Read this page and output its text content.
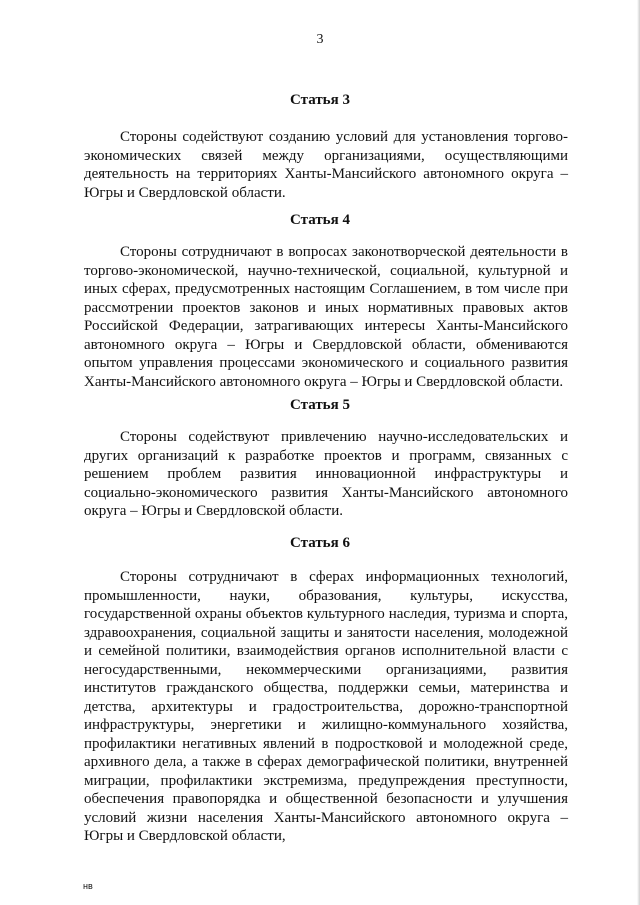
3
Статья 3

Стороны содействуют созданию условий для установления торгово-экономических связей между организациями, осуществляющими деятельность на территориях Ханты-Мансийского автономного округа – Югры и Свердловской области.

Статья 4

Стороны сотрудничают в вопросах законотворческой деятельности в торгово-экономической, научно-технической, социальной, культурной и иных сферах, предусмотренных настоящим Соглашением, в том числе при рассмотрении проектов законов и иных нормативных правовых актов Российской Федерации, затрагивающих интересы Ханты-Мансийского автономного округа – Югры и Свердловской области, обмениваются опытом управления процессами экономического и социального развития Ханты-Мансийского автономного округа – Югры и Свердловской области.

Статья 5

Стороны содействуют привлечению научно-исследовательских и других организаций к разработке проектов и программ, связанных с решением проблем развития инновационной инфраструктуры и социально-экономического развития Ханты-Мансийского автономного округа – Югры и Свердловской области.

Статья 6

Стороны сотрудничают в сферах информационных технологий, промышленности, науки, образования, культуры, искусства, государственной охраны объектов культурного наследия, туризма и спорта, здравоохранения, социальной защиты и занятости населения, молодежной и семейной политики, взаимодействия органов исполнительной власти с негосударственными, некоммерческими организациями, развития институтов гражданского общества, поддержки семьи, материнства и детства, архитектуры и градостроительства, дорожно-транспортной инфраструктуры, энергетики и жилищно-коммунального хозяйства, профилактики негативных явлений в подростковой и молодежной среде, архивного дела, а также в сферах демографической политики, внутренней миграции, профилактики экстремизма, предупреждения преступности, обеспечения правопорядка и общественной безопасности и улучшения условий жизни населения Ханты-Мансийского автономного округа – Югры и Свердловской области,

нв
